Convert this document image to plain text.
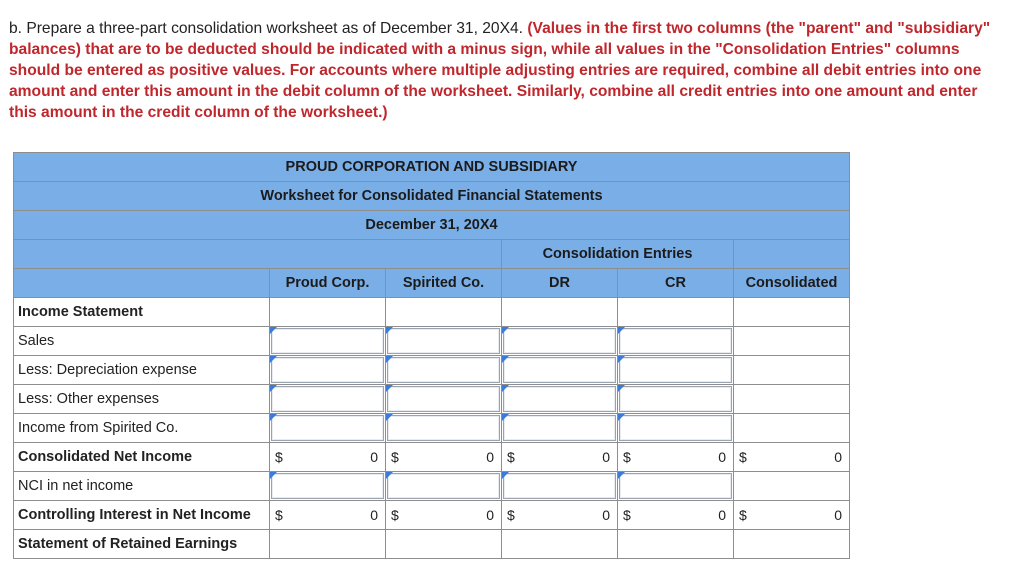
b. Prepare a three-part consolidation worksheet as of December 31, 20X4. (Values in the first two columns (the "parent" and "subsidiary" balances) that are to be deducted should be indicated with a minus sign, while all values in the "Consolidation Entries" columns should be entered as positive values. For accounts where multiple adjusting entries are required, combine all debit entries into one amount and enter this amount in the debit column of the worksheet. Similarly, combine all credit entries into one amount and enter this amount in the credit column of the worksheet.)
PROUD CORPORATION AND SUBSIDIARY					
Worksheet for Consolidated Financial Statements					
December 31, 20X4					
			Consolidation Entries		
	Proud Corp.	Spirited Co.	DR	CR	Consolidated
Income Statement					
Sales	

Less: Depreciation expense	

Less: Other expenses	

Income from Spirited Co.	

Consolidated Net Income	$ 0	$ 0	$ 0	$ 0	$ 0

NCI in net income	

Controlling Interest in Net Income	$ 0	$ 0	$ 0	$ 0	$ 0

Statement of Retained Earnings					
